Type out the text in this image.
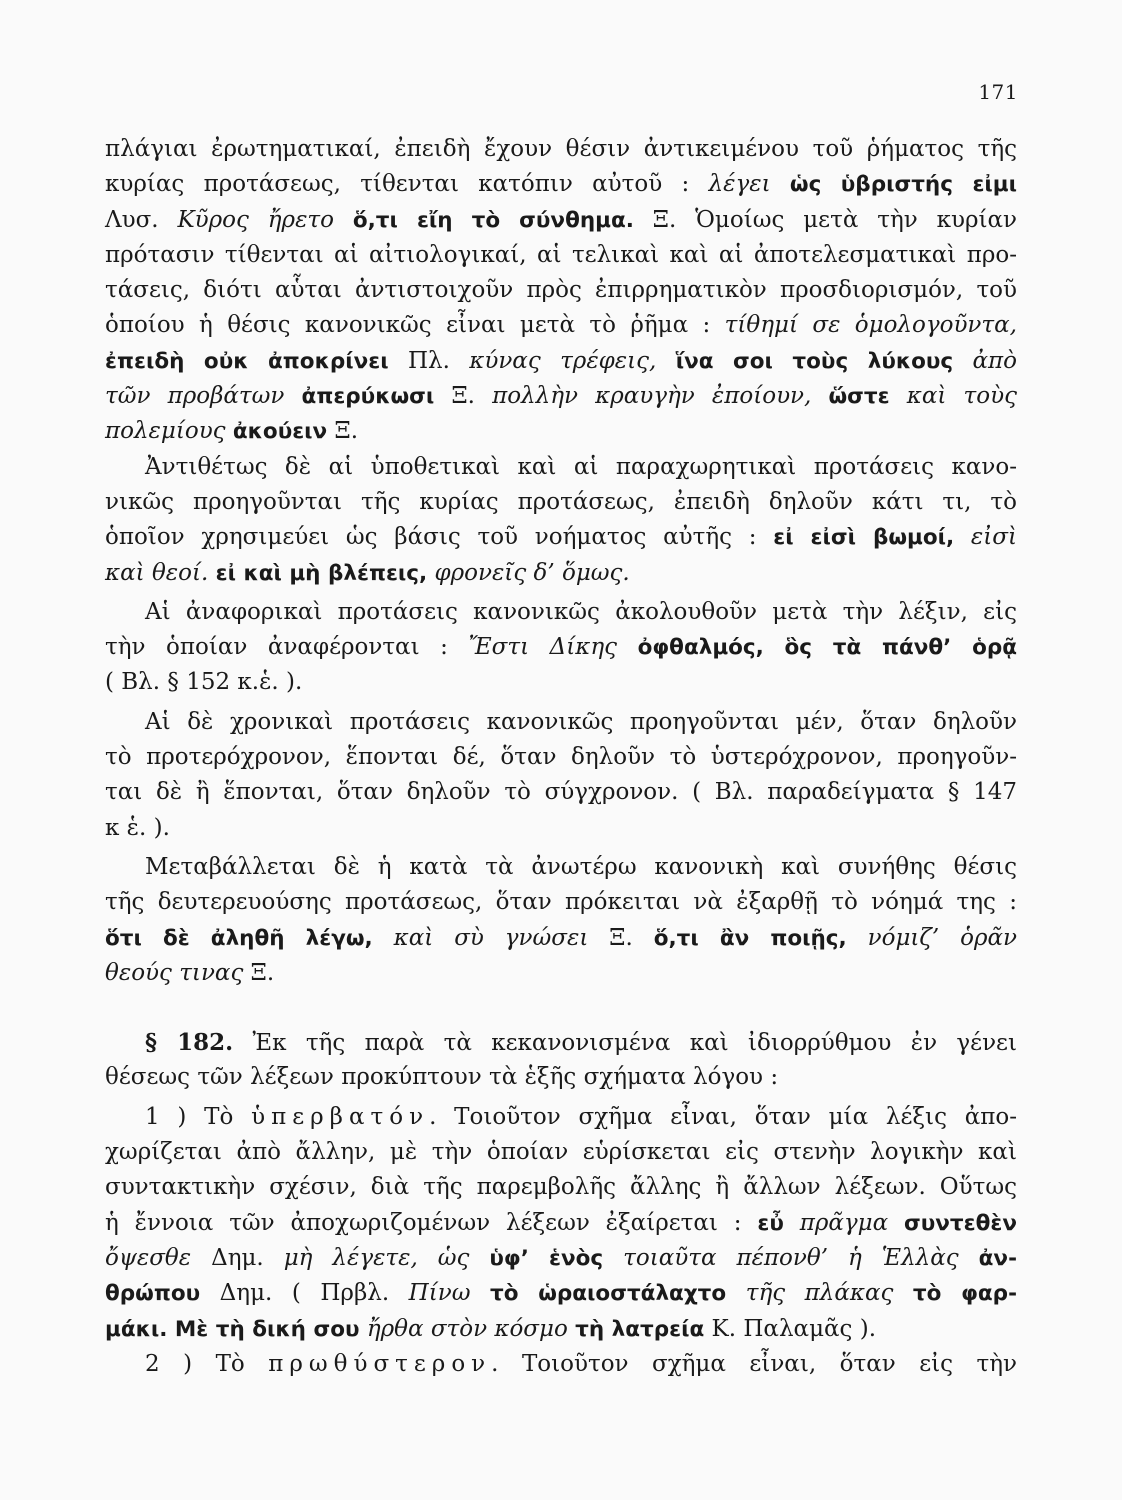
171
πλάγιαι ἐρωτηματικαί, ἐπειδὴ ἔχουν θέσιν ἀντικειμένου τοῦ ῥήματος τῆς
κυρίας προτάσεως, τίθενται κατόπιν αὐτοῦ : λέγει ὡς ὑβριστής εἰμι
Λυσ. Κῦρος ἤρετο ὅ,τι εἴη τὸ σύνθημα. Ξ. Ὁμοίως μετὰ τὴν κυρίαν
πρότασιν τίθενται αἱ αἰτιολογικαί, αἱ τελικαὶ καὶ αἱ ἀποτελεσματικαὶ προ-
τάσεις, διότι αὗται ἀντιστοιχοῦν πρὸς ἐπιρρηματικὸν προσδιορισμόν, τοῦ
ὁποίου ἡ θέσις κανονικῶς εἶναι μετὰ τὸ ῥῆμα : τίθημί σε ὁμολογοῦντα,
ἐπειδὴ οὐκ ἀποκρίνει Πλ. κύνας τρέφεις, ἵνα σοι τοὺς λύκους ἀπὸ
τῶν προβάτων ἀπερύκωσι Ξ. πολλὴν κραυγὴν ἐποίουν, ὥστε καὶ τοὺς
πολεμίους ἀκούειν Ξ.
Ἀντιθέτως δὲ αἱ ὑποθετικαὶ καὶ αἱ παραχωρητικαὶ προτάσεις κανο-
νικῶς προηγοῦνται τῆς κυρίας προτάσεως, ἐπειδὴ δηλοῦν κάτι τι, τὸ
ὁποῖον χρησιμεύει ὡς βάσις τοῦ νοήματος αὐτῆς : εἰ εἰσὶ βωμοί, εἰσὶ
καὶ θεοί. εἰ καὶ μὴ βλέπεις, φρονεῖς δ’ ὅμως.
Αἱ ἀναφορικαὶ προτάσεις κανονικῶς ἀκολουθοῦν μετὰ τὴν λέξιν, εἰς
τὴν ὁποίαν ἀναφέρονται : Ἔστι Δίκης ὀφθαλμός, ὃς τὰ πάνθ’ ὁρᾷ
( Βλ. § 152 κ.ἑ. ).
Αἱ δὲ χρονικαὶ προτάσεις κανονικῶς προηγοῦνται μέν, ὅταν δηλοῦν
τὸ προτερόχρονον, ἕπονται δέ, ὅταν δηλοῦν τὸ ὑστερόχρονον, προηγοῦν-
ται δὲ ἢ ἕπονται, ὅταν δηλοῦν τὸ σύγχρονον. ( Βλ. παραδείγματα § 147
κ ἑ. ).
Μεταβάλλεται δὲ ἡ κατὰ τὰ ἀνωτέρω κανονικὴ καὶ συνήθης θέσις
τῆς δευτερευούσης προτάσεως, ὅταν πρόκειται νὰ ἐξαρθῇ τὸ νόημά της :
ὅτι δὲ ἀληθῆ λέγω, καὶ σὺ γνώσει Ξ. ὅ,τι ἂν ποιῇς, νόμιζ’ ὁρᾶν
θεούς τινας Ξ.
§ 182. Ἐκ τῆς παρὰ τὰ κεκανονισμένα καὶ ἰδιορρύθμου ἐν γένει
θέσεως τῶν λέξεων προκύπτουν τὰ ἑξῆς σχήματα λόγου :
1 ) Τὸ ὑπερβατόν. Τοιοῦτον σχῆμα εἶναι, ὅταν μία λέξις ἀπο-
χωρίζεται ἀπὸ ἄλλην, μὲ τὴν ὁποίαν εὑρίσκεται εἰς στενὴν λογικὴν καὶ
συντακτικὴν σχέσιν, διὰ τῆς παρεμβολῆς ἄλλης ἢ ἄλλων λέξεων. Οὕτως
ἡ ἔννοια τῶν ἀποχωριζομένων λέξεων ἐξαίρεται : εὖ πρᾶγμα συντεθὲν
ὄψεσθε Δημ. μὴ λέγετε, ὡς ὑφ’ ἑνὸς τοιαῦτα πέπονθ’ ἡ Ἑλλὰς ἀν-
θρώπου Δημ. ( Πρβλ. Πίνω τὸ ὡραιοστάλαχτο τῆς πλάκας τὸ φαρ-
μάκι. Μὲ τὴ δική σου ἤρθα στὸν κόσμο τὴ λατρεία Κ. Παλαμᾶς ).
2 ) Τὸ πρωθύστερον. Τοιοῦτον σχῆμα εἶναι, ὅταν εἰς τὴν
